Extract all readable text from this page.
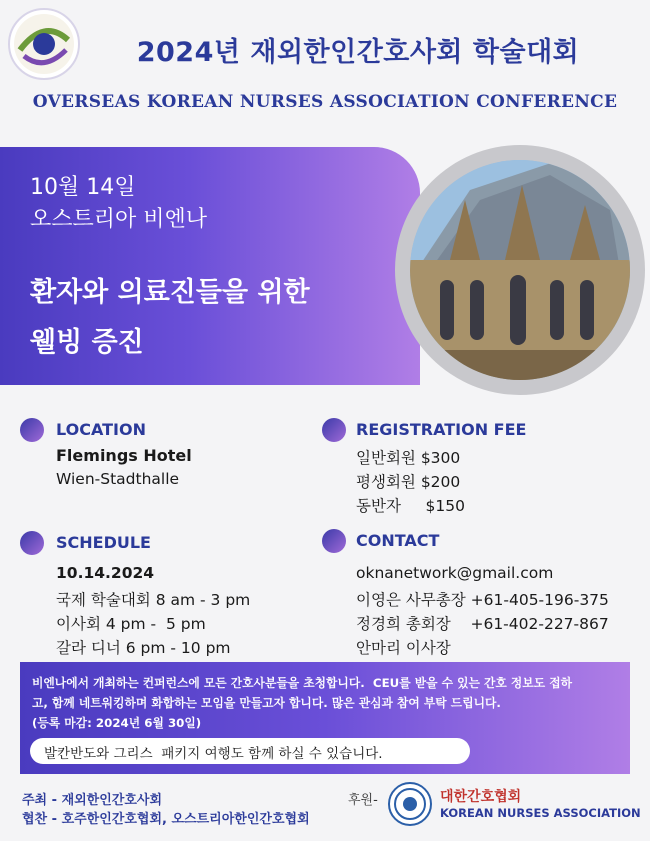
2024년 재외한인간호사회 학술대회
OVERSEAS KOREAN NURSES ASSOCIATION CONFERENCE
10월 14일
오스트리아 비엔나
환자와 의료진들을 위한
웰빙 증진
LOCATION
Flemings Hotel
Wien-Stadthalle
REGISTRATION FEE
일반회원 $300
평생회원 $200
동반자     $150
SCHEDULE
10.14.2024
국제 학술대회 8 am - 3 pm
이사회 4 pm -  5 pm
갈라 디너 6 pm - 10 pm
CONTACT
oknanetwork@gmail.com
이영은 사무총장 +61-405-196-375
정경희 총회장    +61-402-227-867
안마리 이사장
비엔나에서 개최하는 컨퍼런스에 모든 간호사분들을 초청합니다.  CEU를 받을 수 있는 간호 정보도 접하
고, 함께 네트워킹하며 화합하는 모임을 만들고자 합니다. 많은 관심과 참여 부탁 드립니다.
(등록 마감: 2024년 6월 30일)
발칸반도와 그리스  패키지 여행도 함께 하실 수 있습니다.
주최 - 재외한인간호사회
협찬 - 호주한인간호협회, 오스트리아한인간호협회
후원-	대한간호협회
KOREAN NURSES ASSOCIATION
